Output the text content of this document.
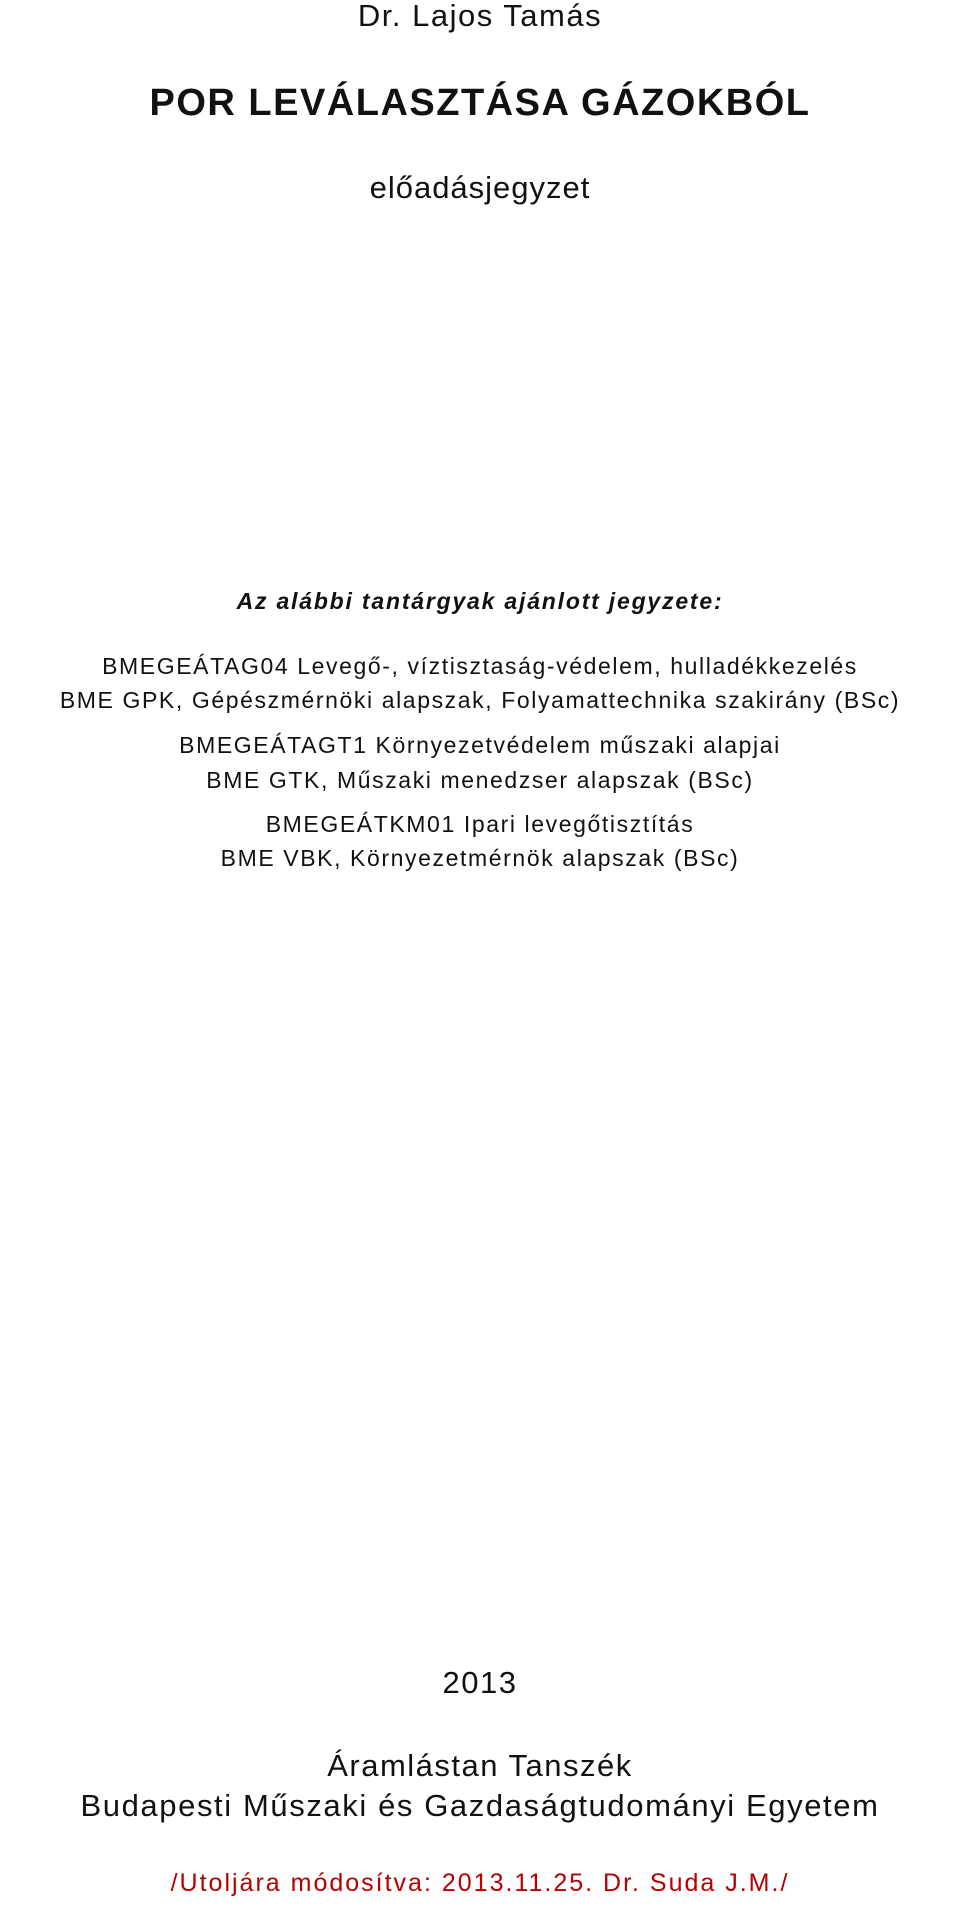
Dr. Lajos Tamás
POR LEVÁLASZTÁSA GÁZOKBÓL
előadásjegyzet
Az alábbi tantárgyak ajánlott jegyzete:
BMEGEÁTAG04 Levegő-, víztisztaság-védelem, hulladékkezelés
BME GPK, Gépészmérnöki alapszak, Folyamattechnika szakirány (BSc)
BMEGEÁTAGT1 Környezetvédelem műszaki alapjai
BME GTK, Műszaki menedzser alapszak (BSc)
BMEGEÁTKM01 Ipari levegőtisztítás
BME VBK, Környezetmérnök alapszak (BSc)
2013
Áramlástan Tanszék
Budapesti Műszaki és Gazdaságtudományi Egyetem
/Utoljára módosítva: 2013.11.25. Dr. Suda J.M./
